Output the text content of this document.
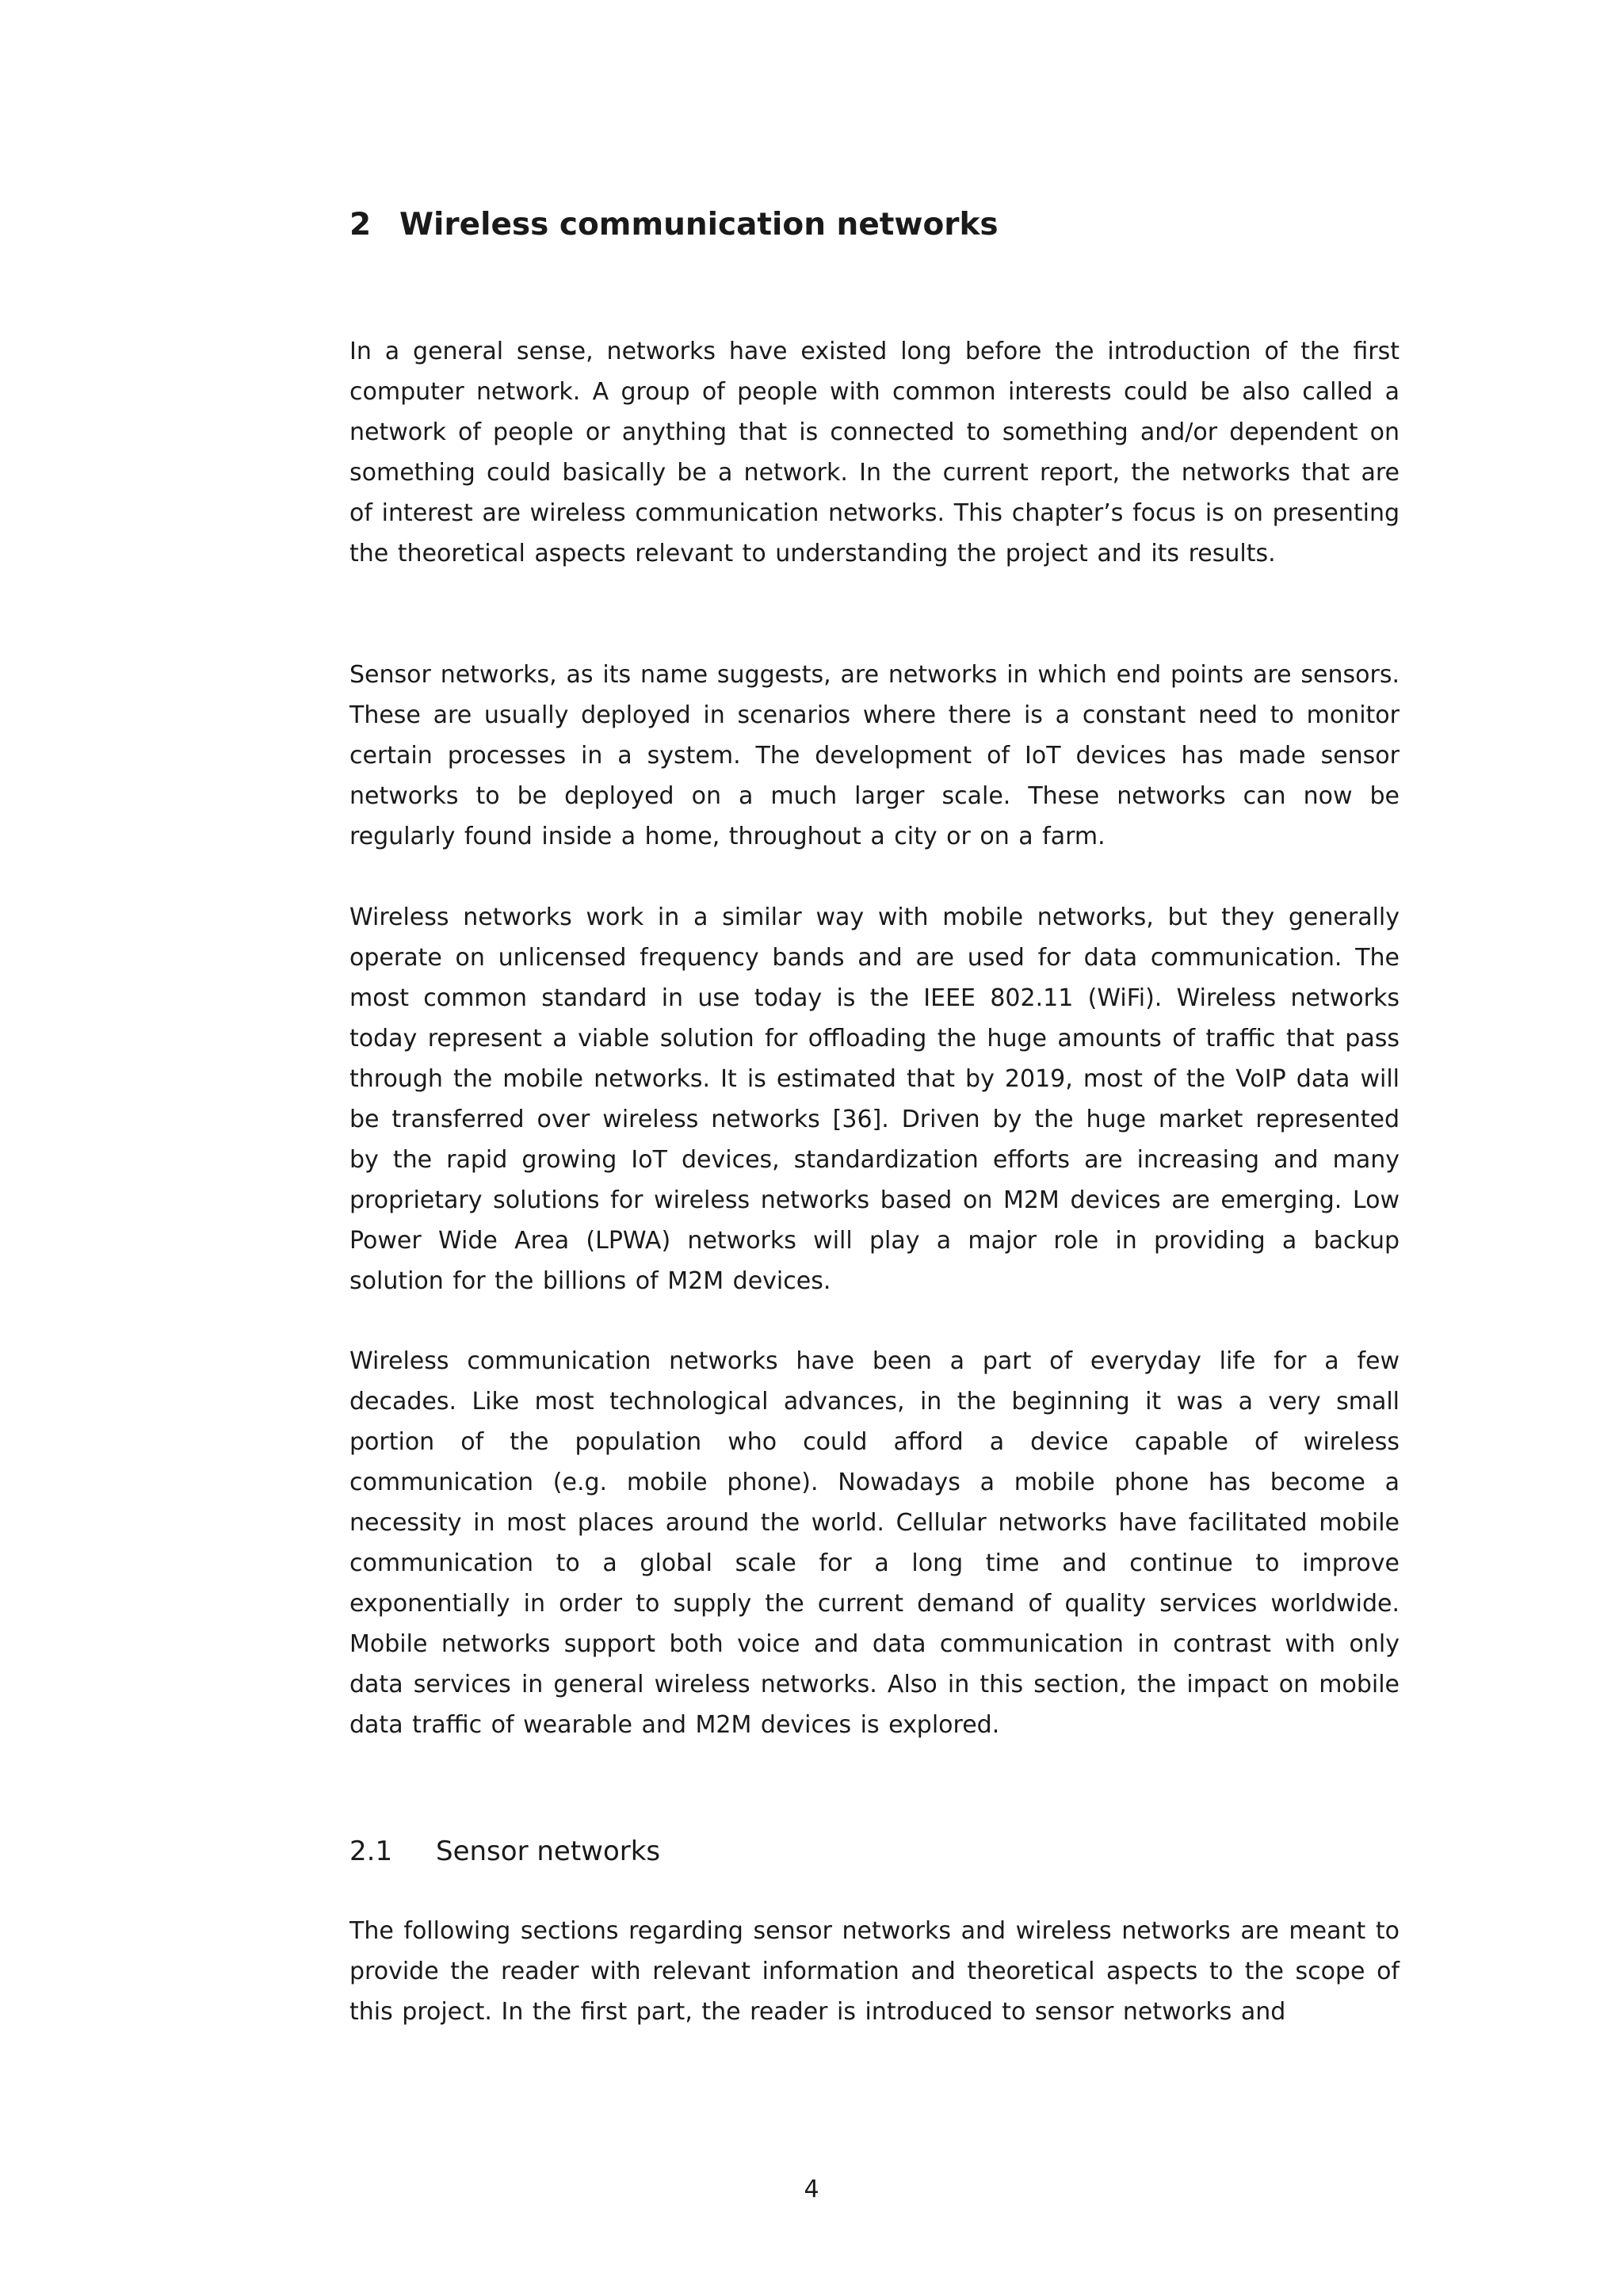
2 Wireless communication networks

In a general sense, networks have existed long before the introduction of the first computer network. A group of people with common interests could be also called a network of people or anything that is connected to something and/or dependent on something could basically be a network. In the current report, the networks that are of interest are wireless communication networks. This chapter’s focus is on presenting the theoretical aspects relevant to understanding the project and its results.

Sensor networks, as its name suggests, are networks in which end points are sensors. These are usually deployed in scenarios where there is a constant need to monitor certain processes in a system. The development of IoT devices has made sensor networks to be deployed on a much larger scale. These networks can now be regularly found inside a home, throughout a city or on a farm.

Wireless networks work in a similar way with mobile networks, but they generally operate on unlicensed frequency bands and are used for data communication. The most common standard in use today is the IEEE 802.11 (WiFi). Wireless networks today represent a viable solution for offloading the huge amounts of traffic that pass through the mobile networks. It is estimated that by 2019, most of the VoIP data will be transferred over wireless networks [36]. Driven by the huge market represented by the rapid growing IoT devices, standardization efforts are increasing and many proprietary solutions for wireless networks based on M2M devices are emerging. Low Power Wide Area (LPWA) networks will play a major role in providing a backup solution for the billions of M2M devices.

Wireless communication networks have been a part of everyday life for a few decades. Like most technological advances, in the beginning it was a very small portion of the population who could afford a device capable of wireless communication (e.g. mobile phone). Nowadays a mobile phone has become a necessity in most places around the world. Cellular networks have facilitated mobile communication to a global scale for a long time and continue to improve exponentially in order to supply the current demand of quality services worldwide. Mobile networks support both voice and data communication in contrast with only data services in general wireless networks. Also in this section, the impact on mobile data traffic of wearable and M2M devices is explored.

2.1 Sensor networks

The following sections regarding sensor networks and wireless networks are meant to provide the reader with relevant information and theoretical aspects to the scope of this project. In the first part, the reader is introduced to sensor networks and

4
